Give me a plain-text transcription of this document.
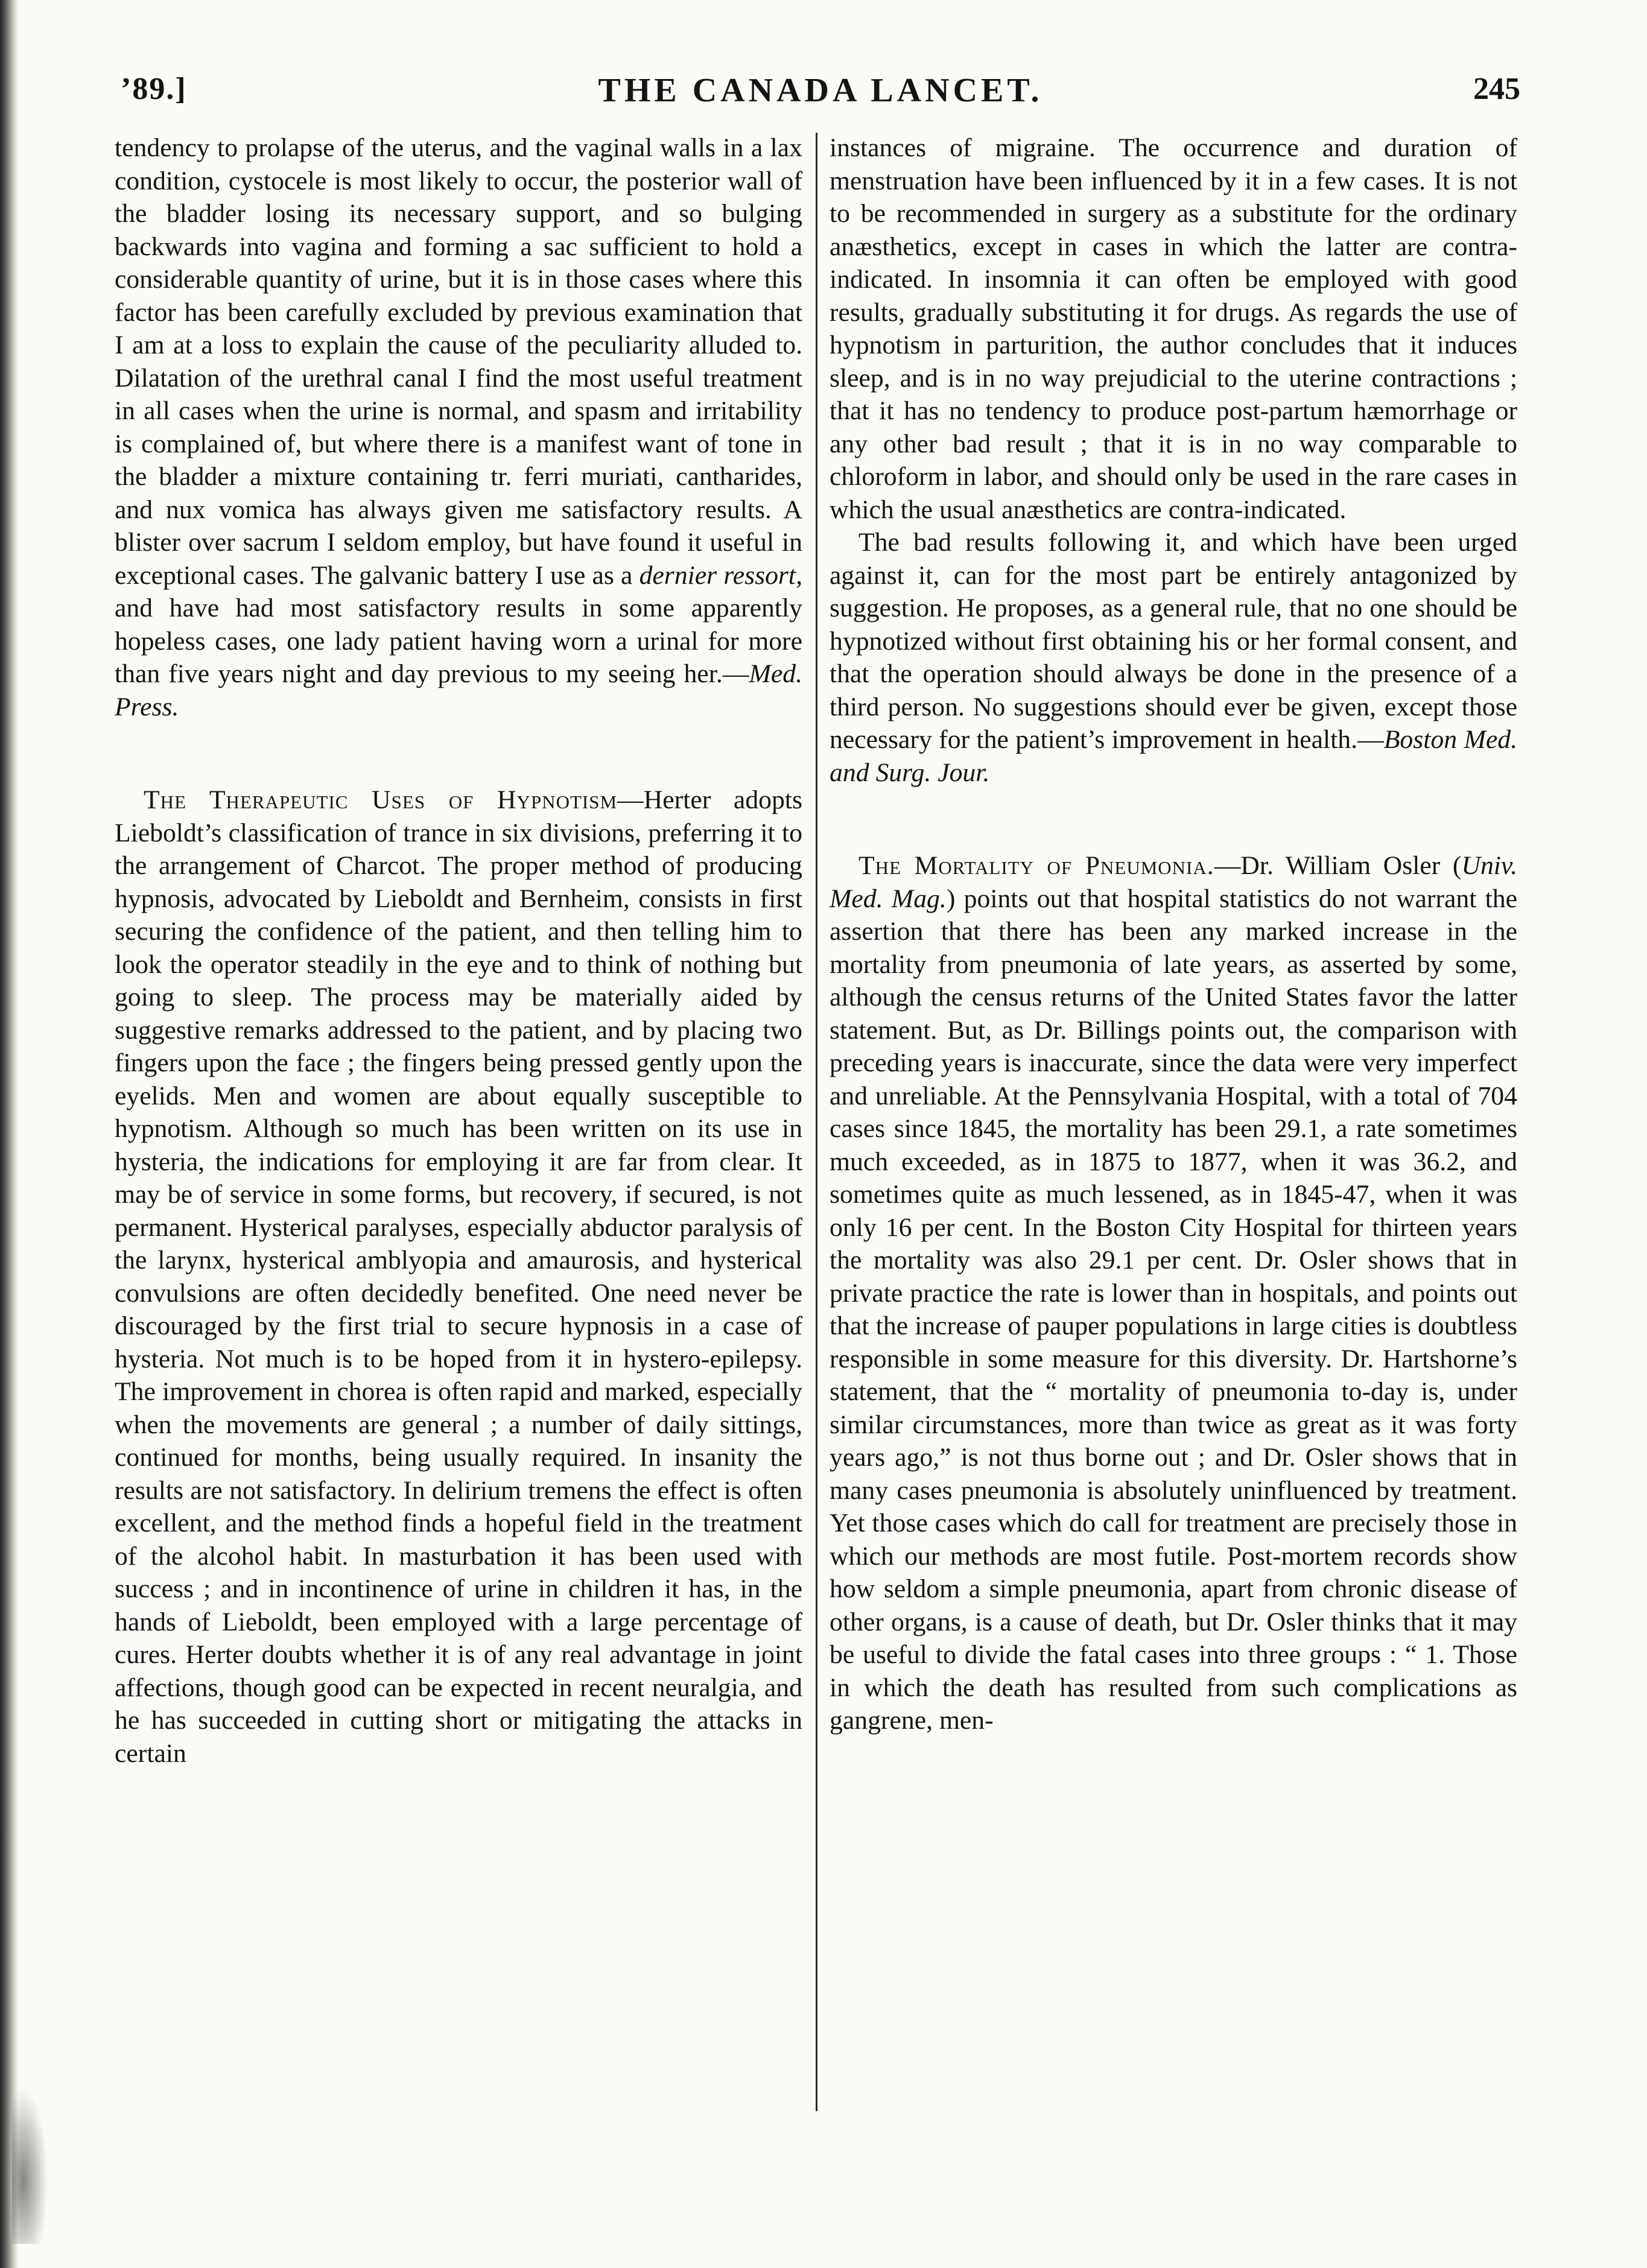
’89.]	THE CANADA LANCET.	245

tendency to prolapse of the uterus, and the vaginal walls in a lax condition, cystocele is most likely to occur, the posterior wall of the bladder losing its necessary support, and so bulging backwards into vagina and forming a sac sufficient to hold a considerable quantity of urine, but it is in those cases where this factor has been carefully excluded by previous examination that I am at a loss to explain the cause of the peculiarity alluded to. Dilatation of the urethral canal I find the most useful treatment in all cases when the urine is normal, and spasm and irritability is complained of, but where there is a manifest want of tone in the bladder a mixture containing tr. ferri muriati, cantharides, and nux vomica has always given me satisfactory results. A blister over sacrum I seldom employ, but have found it useful in exceptional cases. The galvanic battery I use as a dernier ressort, and have had most satisfactory results in some apparently hopeless cases, one lady patient having worn a urinal for more than five years night and day previous to my seeing her.—Med. Press.

The Therapeutic Uses of Hypnotism—Herter adopts Lieboldt’s classification of trance in six divisions, preferring it to the arrangement of Charcot. The proper method of producing hypnosis, advocated by Lieboldt and Bernheim, consists in first securing the confidence of the patient, and then telling him to look the operator steadily in the eye and to think of nothing but going to sleep. The process may be materially aided by suggestive remarks addressed to the patient, and by placing two fingers upon the face ; the fingers being pressed gently upon the eyelids. Men and women are about equally susceptible to hypnotism. Although so much has been written on its use in hysteria, the indications for employing it are far from clear. It may be of service in some forms, but recovery, if secured, is not permanent. Hysterical paralyses, especially abductor paralysis of the larynx, hysterical amblyopia and amaurosis, and hysterical convulsions are often decidedly benefited. One need never be discouraged by the first trial to secure hypnosis in a case of hysteria. Not much is to be hoped from it in hystero-epilepsy. The improvement in chorea is often rapid and marked, especially when the movements are general ; a number of daily sittings, continued for months, being usually required. In insanity the results are not satisfactory. In delirium tremens the effect is often excellent, and the method finds a hopeful field in the treatment of the alcohol habit. In masturbation it has been used with success ; and in incontinence of urine in children it has, in the hands of Lieboldt, been employed with a large percentage of cures. Herter doubts whether it is of any real advantage in joint affections, though good can be expected in recent neuralgia, and he has succeeded in cutting short or mitigating the attacks in certain

instances of migraine. The occurrence and duration of menstruation have been influenced by it in a few cases. It is not to be recommended in surgery as a substitute for the ordinary anæsthetics, except in cases in which the latter are contra-indicated. In insomnia it can often be employed with good results, gradually substituting it for drugs. As regards the use of hypnotism in parturition, the author concludes that it induces sleep, and is in no way prejudicial to the uterine contractions ; that it has no tendency to produce post-partum hæmorrhage or any other bad result ; that it is in no way comparable to chloroform in labor, and should only be used in the rare cases in which the usual anæsthetics are contra-indicated.

The bad results following it, and which have been urged against it, can for the most part be entirely antagonized by suggestion. He proposes, as a general rule, that no one should be hypnotized without first obtaining his or her formal consent, and that the operation should always be done in the presence of a third person. No suggestions should ever be given, except those necessary for the patient’s improvement in health.—Boston Med. and Surg. Jour.

The Mortality of Pneumonia.—Dr. William Osler (Univ. Med. Mag.) points out that hospital statistics do not warrant the assertion that there has been any marked increase in the mortality from pneumonia of late years, as asserted by some, although the census returns of the United States favor the latter statement. But, as Dr. Billings points out, the comparison with preceding years is inaccurate, since the data were very imperfect and unreliable. At the Pennsylvania Hospital, with a total of 704 cases since 1845, the mortality has been 29.1, a rate sometimes much exceeded, as in 1875 to 1877, when it was 36.2, and sometimes quite as much lessened, as in 1845-47, when it was only 16 per cent. In the Boston City Hospital for thirteen years the mortality was also 29.1 per cent. Dr. Osler shows that in private practice the rate is lower than in hospitals, and points out that the increase of pauper populations in large cities is doubtless responsible in some measure for this diversity. Dr. Hartshorne’s statement, that the “ mortality of pneumonia to-day is, under similar circumstances, more than twice as great as it was forty years ago,” is not thus borne out ; and Dr. Osler shows that in many cases pneumonia is absolutely uninfluenced by treatment. Yet those cases which do call for treatment are precisely those in which our methods are most futile. Post-mortem records show how seldom a simple pneumonia, apart from chronic disease of other organs, is a cause of death, but Dr. Osler thinks that it may be useful to divide the fatal cases into three groups : “ 1. Those in which the death has resulted from such complications as gangrene, men-
